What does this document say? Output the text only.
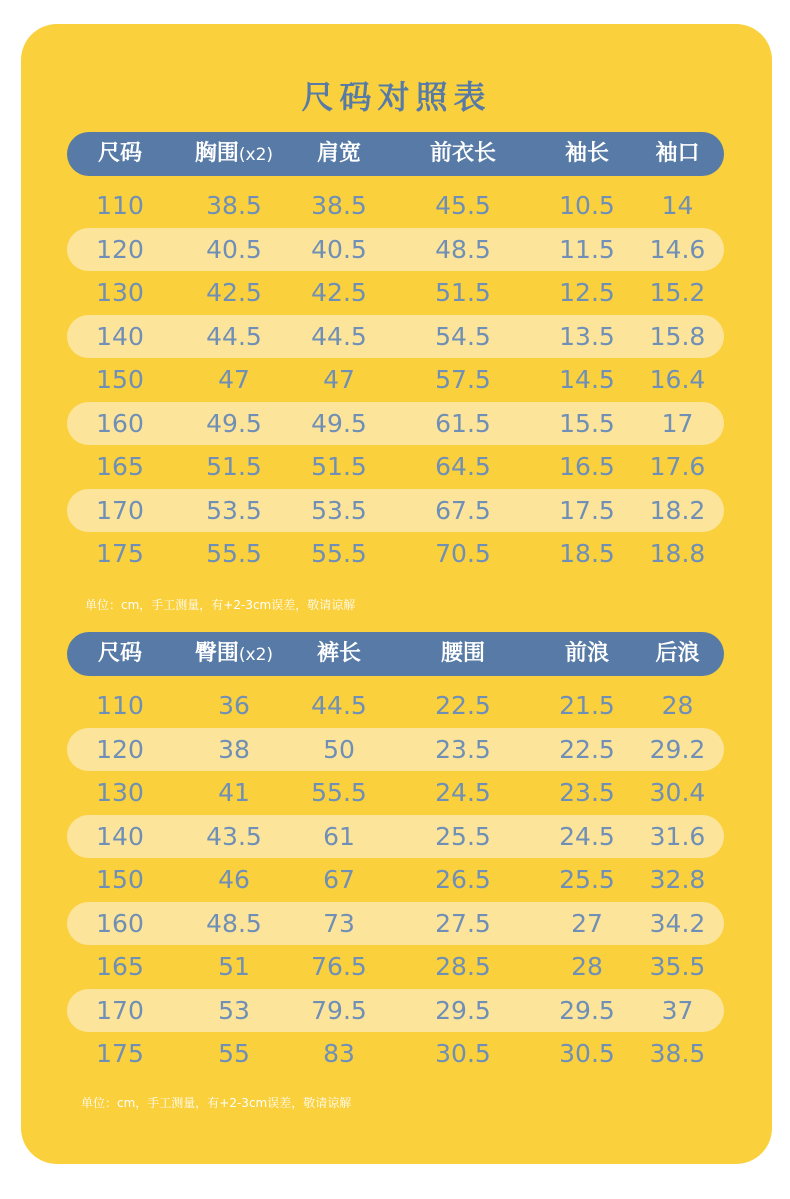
尺码对照表
尺码	胸围(x2)	肩宽	前衣长	袖长	袖口
110	38.5	38.5	45.5	10.5	14
120	40.5	40.5	48.5	11.5	14.6
130	42.5	42.5	51.5	12.5	15.2
140	44.5	44.5	54.5	13.5	15.8
150	47	47	57.5	14.5	16.4
160	49.5	49.5	61.5	15.5	17
165	51.5	51.5	64.5	16.5	17.6
170	53.5	53.5	67.5	17.5	18.2
175	55.5	55.5	70.5	18.5	18.8
单位：cm，手工测量，有+2-3cm误差，敬请谅解
尺码	臀围(x2)	裤长	腰围	前浪	后浪
110	36	44.5	22.5	21.5	28
120	38	50	23.5	22.5	29.2
130	41	55.5	24.5	23.5	30.4
140	43.5	61	25.5	24.5	31.6
150	46	67	26.5	25.5	32.8
160	48.5	73	27.5	27	34.2
165	51	76.5	28.5	28	35.5
170	53	79.5	29.5	29.5	37
175	55	83	30.5	30.5	38.5
单位：cm，手工测量，有+2-3cm误差，敬请谅解
